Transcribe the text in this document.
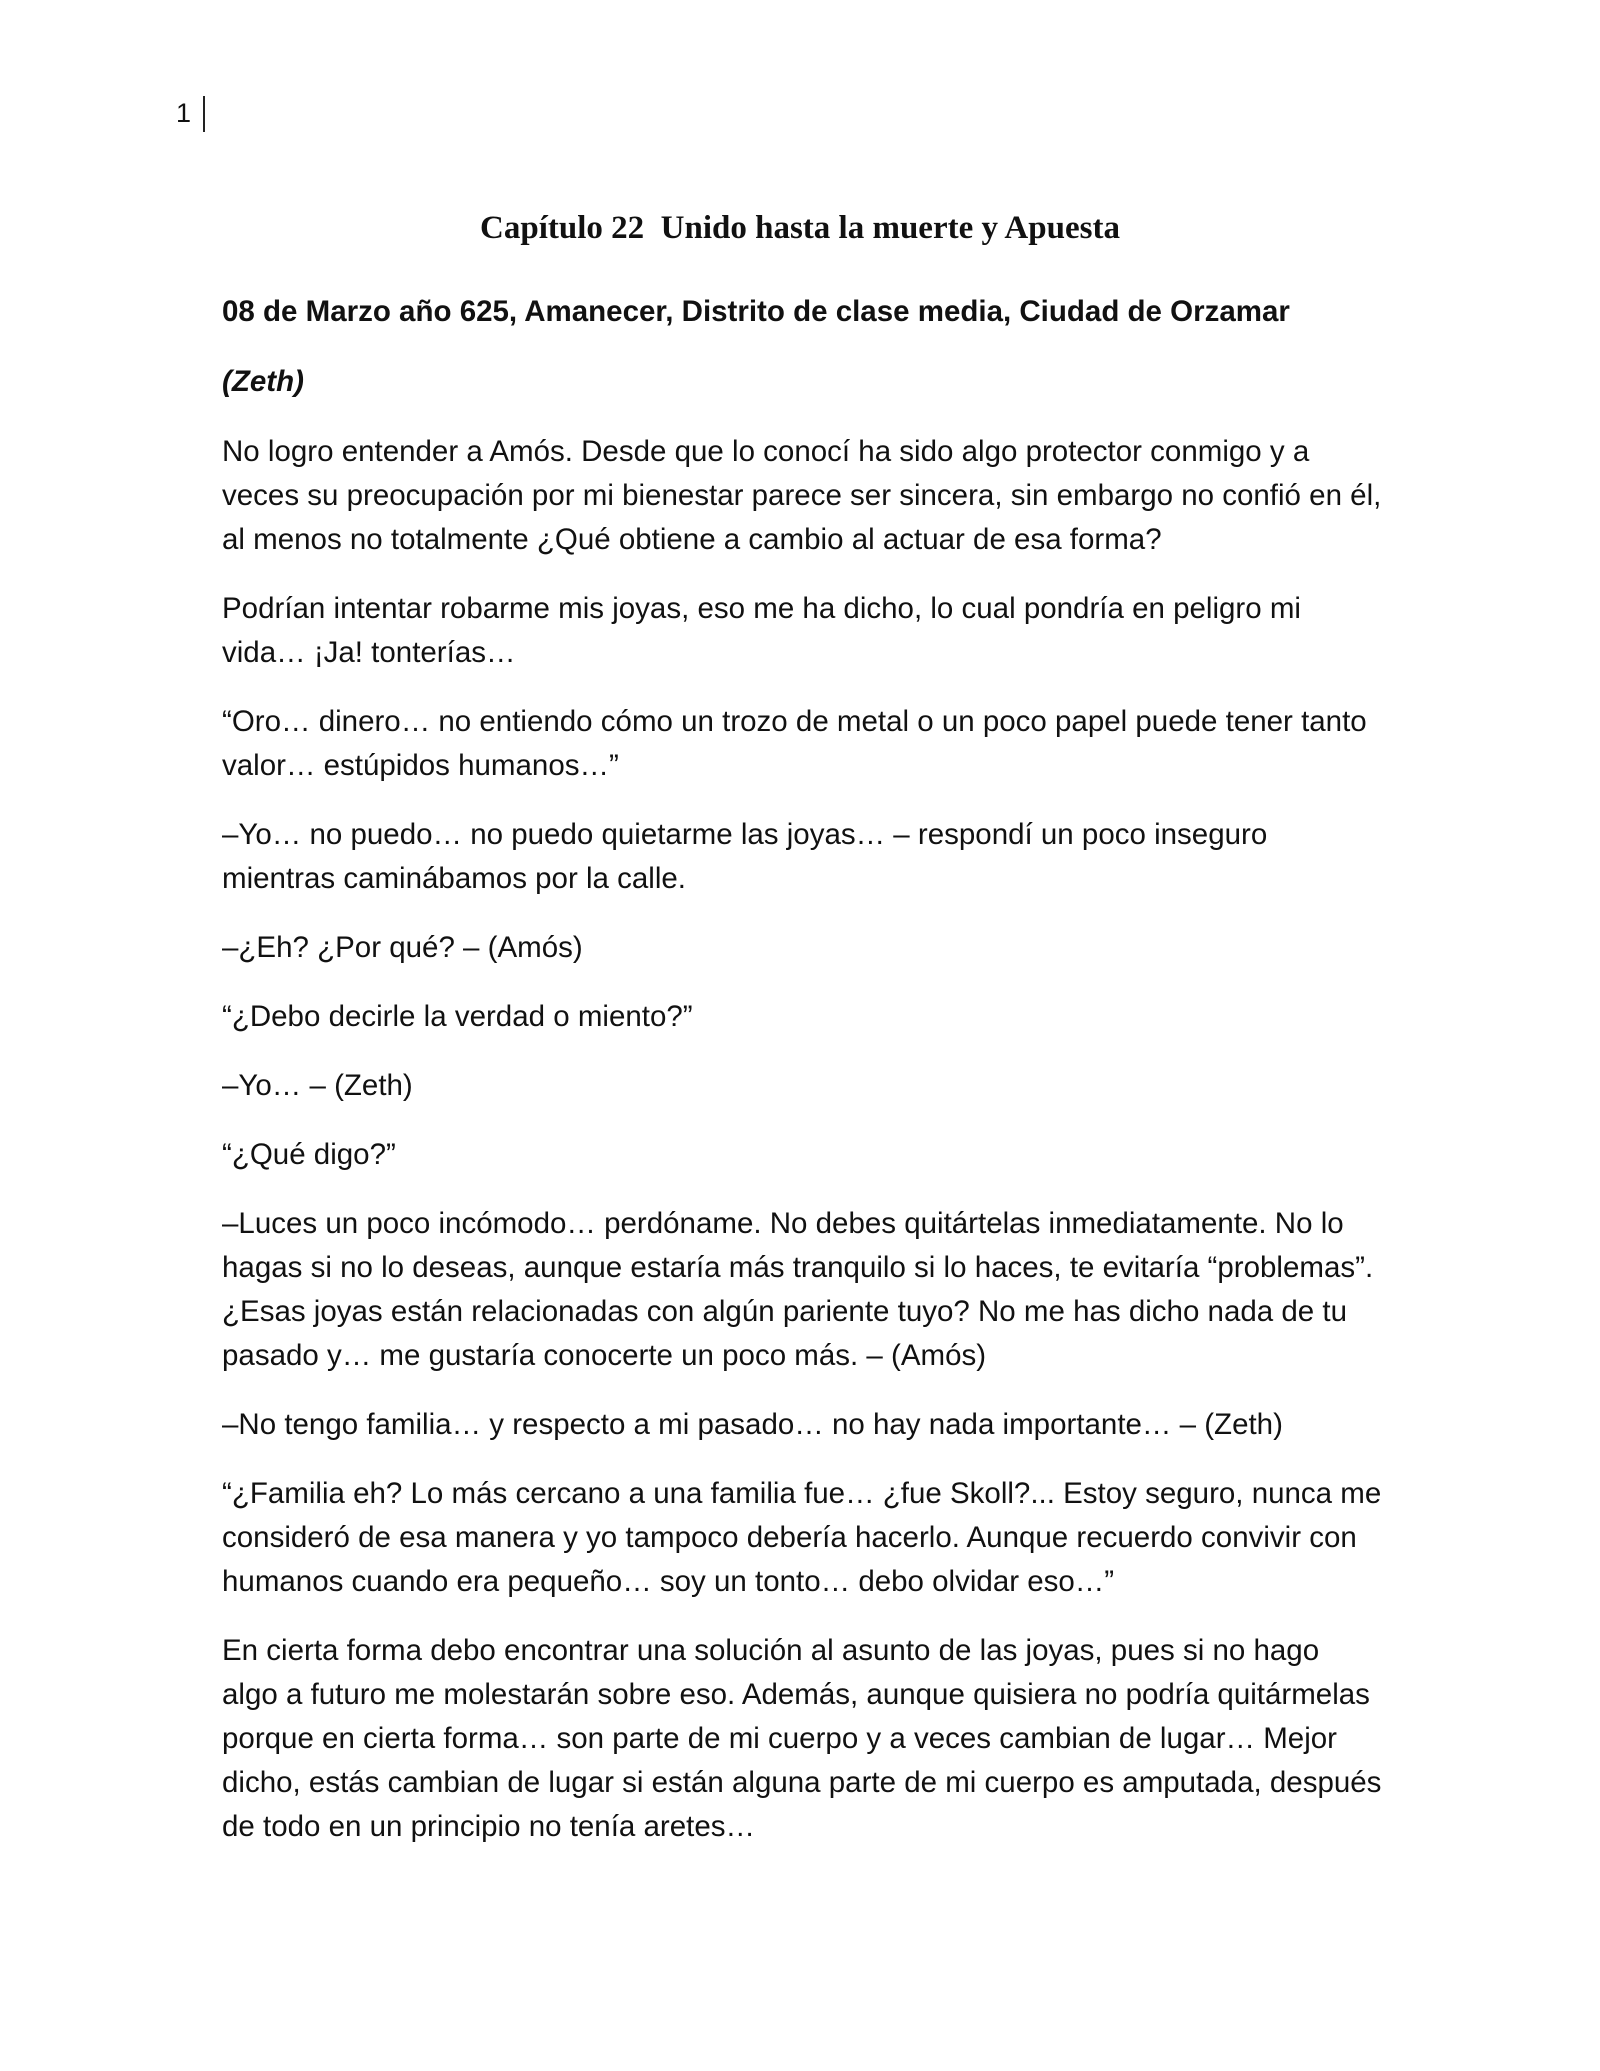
1
Capítulo 22  Unido hasta la muerte y Apuesta

08 de Marzo año 625, Amanecer, Distrito de clase media, Ciudad de Orzamar

(Zeth)

No logro entender a Amós. Desde que lo conocí ha sido algo protector conmigo y a veces su preocupación por mi bienestar parece ser sincera, sin embargo no confió en él, al menos no totalmente ¿Qué obtiene a cambio al actuar de esa forma?

Podrían intentar robarme mis joyas, eso me ha dicho, lo cual pondría en peligro mi vida… ¡Ja! tonterías…

“Oro… dinero… no entiendo cómo un trozo de metal o un poco papel puede tener tanto valor… estúpidos humanos…”

–Yo… no puedo… no puedo quietarme las joyas… – respondí un poco inseguro mientras caminábamos por la calle.

–¿Eh? ¿Por qué? – (Amós)

“¿Debo decirle la verdad o miento?”

–Yo… – (Zeth)

“¿Qué digo?”

–Luces un poco incómodo… perdóname. No debes quitártelas inmediatamente. No lo hagas si no lo deseas, aunque estaría más tranquilo si lo haces, te evitaría “problemas”. ¿Esas joyas están relacionadas con algún pariente tuyo? No me has dicho nada de tu pasado y… me gustaría conocerte un poco más. – (Amós)

–No tengo familia… y respecto a mi pasado… no hay nada importante… – (Zeth)

“¿Familia eh? Lo más cercano a una familia fue… ¿fue Skoll?... Estoy seguro, nunca me consideró de esa manera y yo tampoco debería hacerlo. Aunque recuerdo convivir con humanos cuando era pequeño… soy un tonto… debo olvidar eso…”

En cierta forma debo encontrar una solución al asunto de las joyas, pues si no hago algo a futuro me molestarán sobre eso. Además, aunque quisiera no podría quitármelas porque en cierta forma… son parte de mi cuerpo y a veces cambian de lugar… Mejor dicho, estás cambian de lugar si están alguna parte de mi cuerpo es amputada, después de todo en un principio no tenía aretes…
